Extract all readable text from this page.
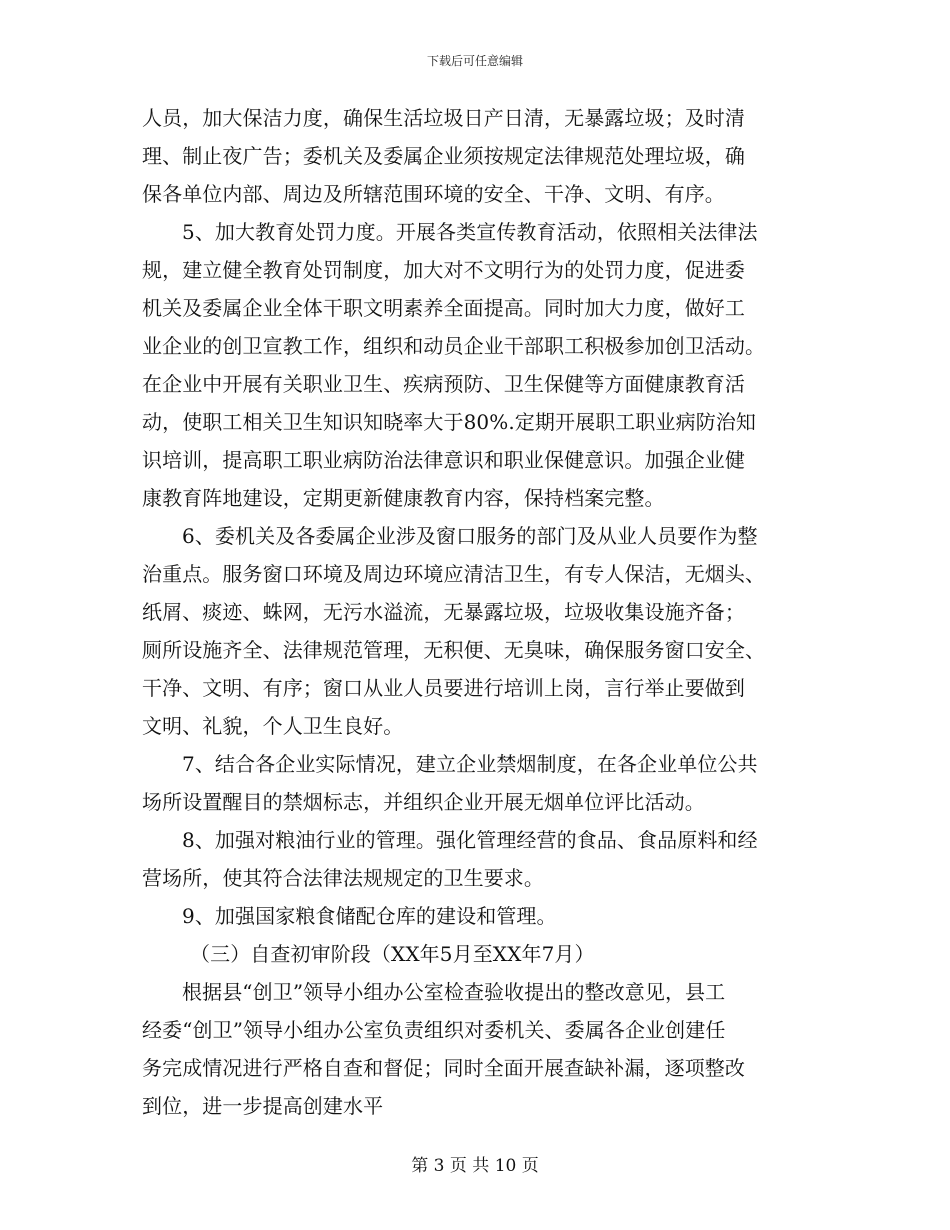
下载后可任意编辑
人员，加大保洁力度，确保生活垃圾日产日清，无暴露垃圾；及时清
理、制止夜广告；委机关及委属企业须按规定法律规范处理垃圾，确
保各单位内部、周边及所辖范围环境的安全、干净、文明、有序。
5、加大教育处罚力度。开展各类宣传教育活动，依照相关法律法
规，建立健全教育处罚制度，加大对不文明行为的处罚力度，促进委
机关及委属企业全体干职文明素养全面提高。同时加大力度，做好工
业企业的创卫宣教工作，组织和动员企业干部职工积极参加创卫活动。
在企业中开展有关职业卫生、疾病预防、卫生保健等方面健康教育活
动，使职工相关卫生知识知晓率大于80%.定期开展职工职业病防治知
识培训，提高职工职业病防治法律意识和职业保健意识。加强企业健
康教育阵地建设，定期更新健康教育内容，保持档案完整。
6、委机关及各委属企业涉及窗口服务的部门及从业人员要作为整
治重点。服务窗口环境及周边环境应清洁卫生，有专人保洁，无烟头、
纸屑、痰迹、蛛网，无污水溢流，无暴露垃圾，垃圾收集设施齐备；
厕所设施齐全、法律规范管理，无积便、无臭味，确保服务窗口安全、
干净、文明、有序；窗口从业人员要进行培训上岗，言行举止要做到
文明、礼貌，个人卫生良好。
7、结合各企业实际情况，建立企业禁烟制度，在各企业单位公共
场所设置醒目的禁烟标志，并组织企业开展无烟单位评比活动。
8、加强对粮油行业的管理。强化管理经营的食品、食品原料和经
营场所，使其符合法律法规规定的卫生要求。
9、加强国家粮食储配仓库的建设和管理。
（三）自查初审阶段（XX年5月至XX年7月）
根据县“创卫”领导小组办公室检查验收提出的整改意见，县工
经委“创卫”领导小组办公室负责组织对委机关、委属各企业创建任
务完成情况进行严格自查和督促；同时全面开展查缺补漏，逐项整改
到位，进一步提高创建水平
第 3 页 共 10 页
